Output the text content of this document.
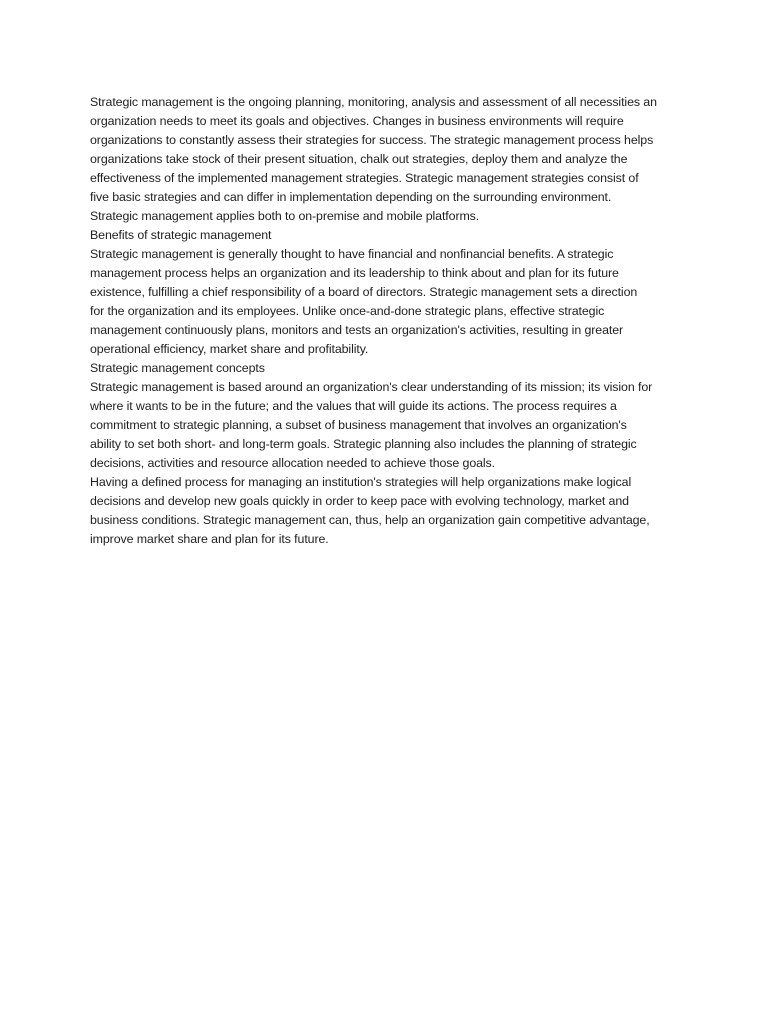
Strategic management is the ongoing planning, monitoring, analysis and assessment of all necessities an
organization needs to meet its goals and objectives. Changes in business environments will require
organizations to constantly assess their strategies for success. The strategic management process helps
organizations take stock of their present situation, chalk out strategies, deploy them and analyze the
effectiveness of the implemented management strategies. Strategic management strategies consist of
five basic strategies and can differ in implementation depending on the surrounding environment.
Strategic management applies both to on-premise and mobile platforms.

Benefits of strategic management

Strategic management is generally thought to have financial and nonfinancial benefits. A strategic
management process helps an organization and its leadership to think about and plan for its future
existence, fulfilling a chief responsibility of a board of directors. Strategic management sets a direction
for the organization and its employees. Unlike once-and-done strategic plans, effective strategic
management continuously plans, monitors and tests an organization's activities, resulting in greater
operational efficiency, market share and profitability.

Strategic management concepts

Strategic management is based around an organization's clear understanding of its mission; its vision for
where it wants to be in the future; and the values that will guide its actions. The process requires a
commitment to strategic planning, a subset of business management that involves an organization's
ability to set both short- and long-term goals. Strategic planning also includes the planning of strategic
decisions, activities and resource allocation needed to achieve those goals.

Having a defined process for managing an institution's strategies will help organizations make logical
decisions and develop new goals quickly in order to keep pace with evolving technology, market and
business conditions. Strategic management can, thus, help an organization gain competitive advantage,
improve market share and plan for its future.
